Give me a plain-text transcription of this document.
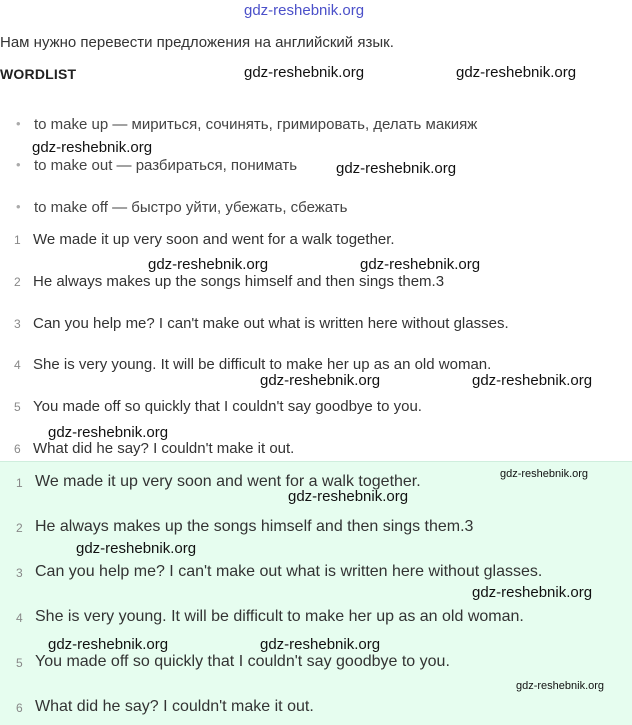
gdz-reshebnik.org
Нам нужно перевести предложения на английский язык.
WORDLIST
• to make up — мириться, сочинять, гримировать, делать макияж
• to make out — разбираться, понимать
• to make off — быстро уйти, убежать, сбежать
1 We made it up very soon and went for a walk together.
2 He always makes up the songs himself and then sings them.3
3 Can you help me? I can't make out what is written here without glasses.
4 She is very young. It will be difficult to make her up as an old woman.
5 You made off so quickly that I couldn't say goodbye to you.
6 What did he say? I couldn't make it out.
1 We made it up very soon and went for a walk together.
2 He always makes up the songs himself and then sings them.3
3 Can you help me? I can't make out what is written here without glasses.
4 She is very young. It will be difficult to make her up as an old woman.
5 You made off so quickly that I couldn't say goodbye to you.
6 What did he say? I couldn't make it out.
gdz-reshebnik.org	gdz-reshebnik.org
gdz-reshebnik.org
gdz-reshebnik.org
gdz-reshebnik.org	gdz-reshebnik.org
gdz-reshebnik.org	gdz-reshebnik.org
gdz-reshebnik.org
gdz-reshebnik.org
gdz-reshebnik.org
gdz-reshebnik.org
gdz-reshebnik.org
gdz-reshebnik.org	gdz-reshebnik.org
gdz-reshebnik.org
